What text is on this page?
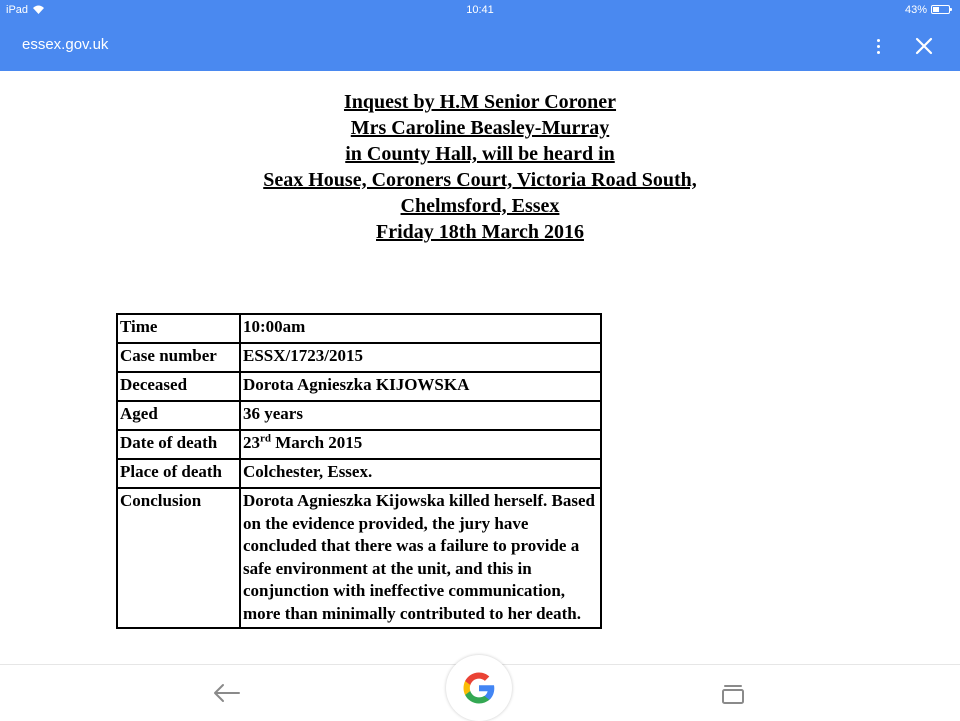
iPad	10:41	43%
essex.gov.uk
Inquest by H.M Senior Coroner
Mrs Caroline Beasley-Murray
in County Hall, will be heard in
Seax House, Coroners Court, Victoria Road South,
Chelmsford, Essex
Friday 18th March 2016
Time	10:00am
Case number	ESSX/1723/2015
Deceased	Dorota Agnieszka KIJOWSKA
Aged	36 years
Date of death	23rd March 2015
Place of death	Colchester, Essex.
Conclusion	Dorota Agnieszka Kijowska killed herself. Based on the evidence provided, the jury have concluded that there was a failure to provide a safe environment at the unit, and this in conjunction with ineffective communication, more than minimally contributed to her death.
